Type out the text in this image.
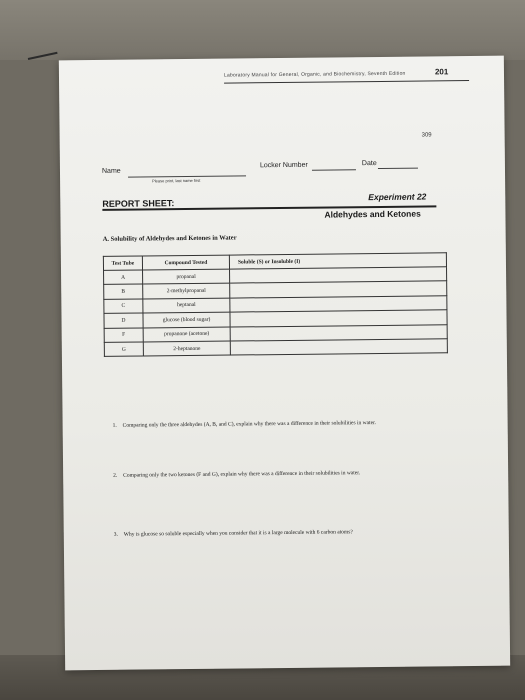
Laboratory Manual for General, Organic, and Biochemistry, Seventh Edition	201
309
Name
Please print, last name first
Locker Number	Date
REPORT SHEET:
Experiment 22
Aldehydes and Ketones
A. Solubility of Aldehydes and Ketones in Water
Test Tube	Compound Tested	Soluble (S) or Insoluble (I)
A	propanal	
B	2-methylpropanal	
C	heptanal	
D	glucose (blood sugar)	
F	propanone (acetone)	
G	2-heptanone	
1. Comparing only the three aldehydes (A, B, and C), explain why there was a difference in their solubilities in water.
2. Comparing only the two ketones (F and G), explain why there was a difference in their solubilities in water.
3. Why is glucose so soluble especially when you consider that it is a large molecule with 6 carbon atoms?
